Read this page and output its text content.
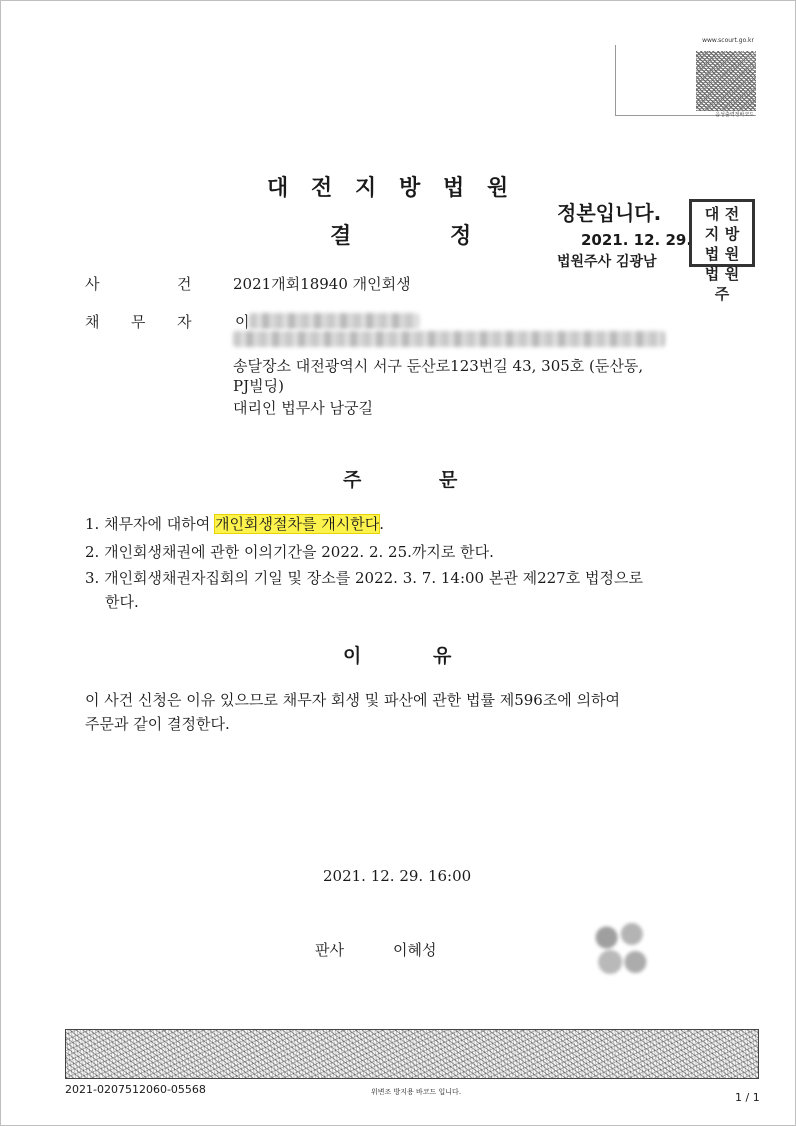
www.scourt.go.kr
음성출력정바코드
대 전 지 방 법 원
결	정
정본입니다.
2021. 12. 29.
법원주사 김광남
대 전
지 방
법 원
법 원
주
사	건	2021개회18940 개인회생
채 무 자	이
송달장소 대전광역시 서구 둔산로123번길 43, 305호 (둔산동,
PJ빌딩)
대리인 법무사 남궁길
주	문
1. 채무자에 대하여 개인회생절차를 개시한다.
2. 개인회생채권에 관한 이의기간을 2022. 2. 25.까지로 한다.
3. 개인회생채권자집회의 기일 및 장소를 2022. 3. 7. 14:00 본관 제227호 법정으로
한다.
이	유
이 사건 신청은 이유 있으므로 채무자 회생 및 파산에 관한 법률 제596조에 의하여
주문과 같이 결정한다.
2021. 12. 29. 16:00
판사	이혜성
2021-0207512060-05568	위변조 방지용 바코드 입니다.	1 / 1
